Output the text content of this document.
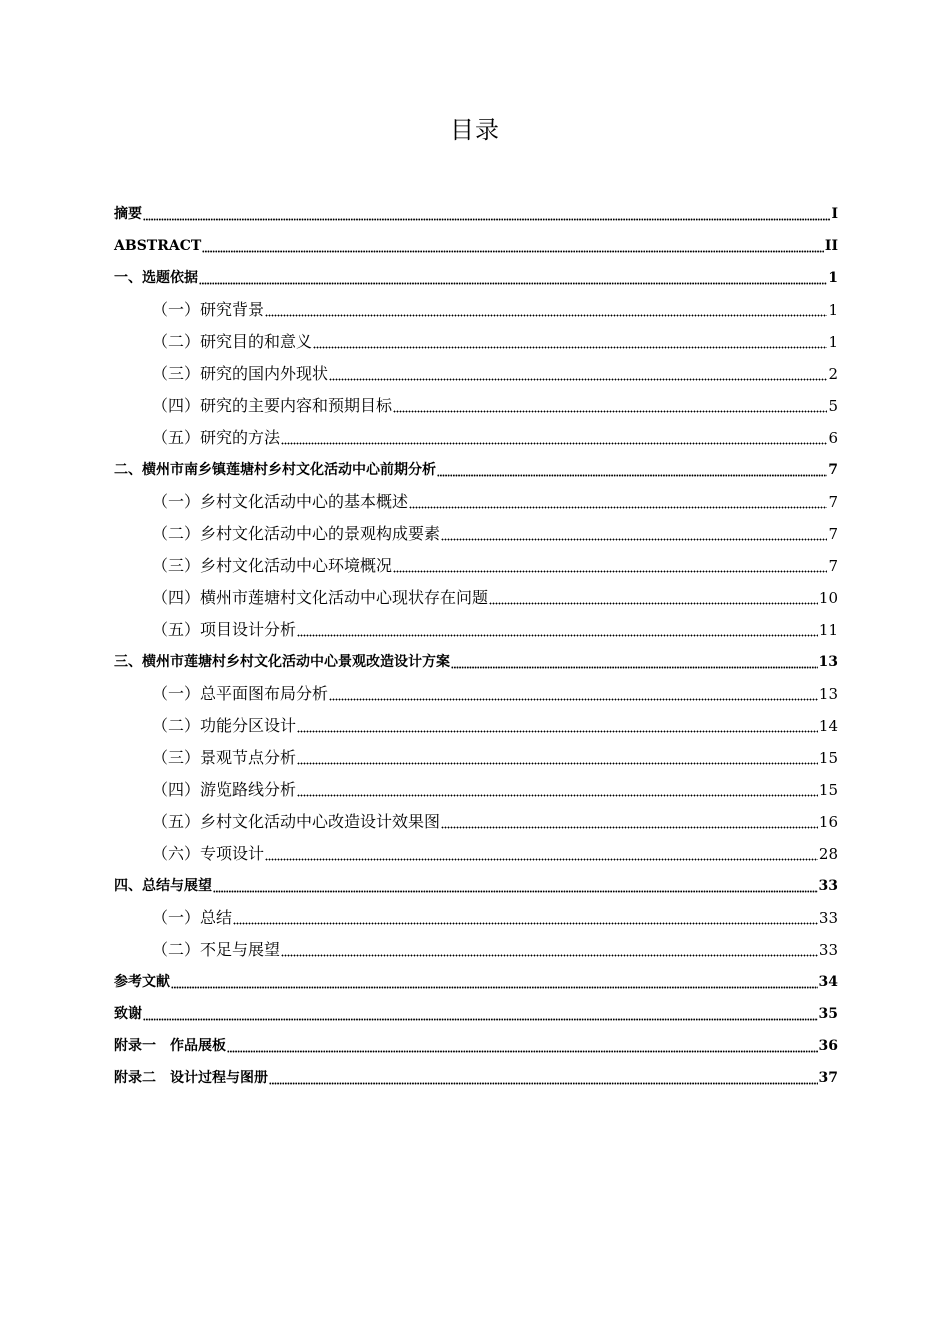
目录
摘要	I
ABSTRACT	II
一、选题依据	1
（一）研究背景	1
（二）研究目的和意义	1
（三）研究的国内外现状	2
（四）研究的主要内容和预期目标	5
（五）研究的方法	6
二、横州市南乡镇莲塘村乡村文化活动中心前期分析	7
（一）乡村文化活动中心的基本概述	7
（二）乡村文化活动中心的景观构成要素	7
（三）乡村文化活动中心环境概况	7
（四）横州市莲塘村文化活动中心现状存在问题	10
（五）项目设计分析	11
三、横州市莲塘村乡村文化活动中心景观改造设计方案	13
（一）总平面图布局分析	13
（二）功能分区设计	14
（三）景观节点分析	15
（四）游览路线分析	15
（五）乡村文化活动中心改造设计效果图	16
（六）专项设计	28
四、总结与展望	33
（一）总结	33
（二）不足与展望	33
参考文献	34
致谢	35
附录一　作品展板	36
附录二　设计过程与图册	37
